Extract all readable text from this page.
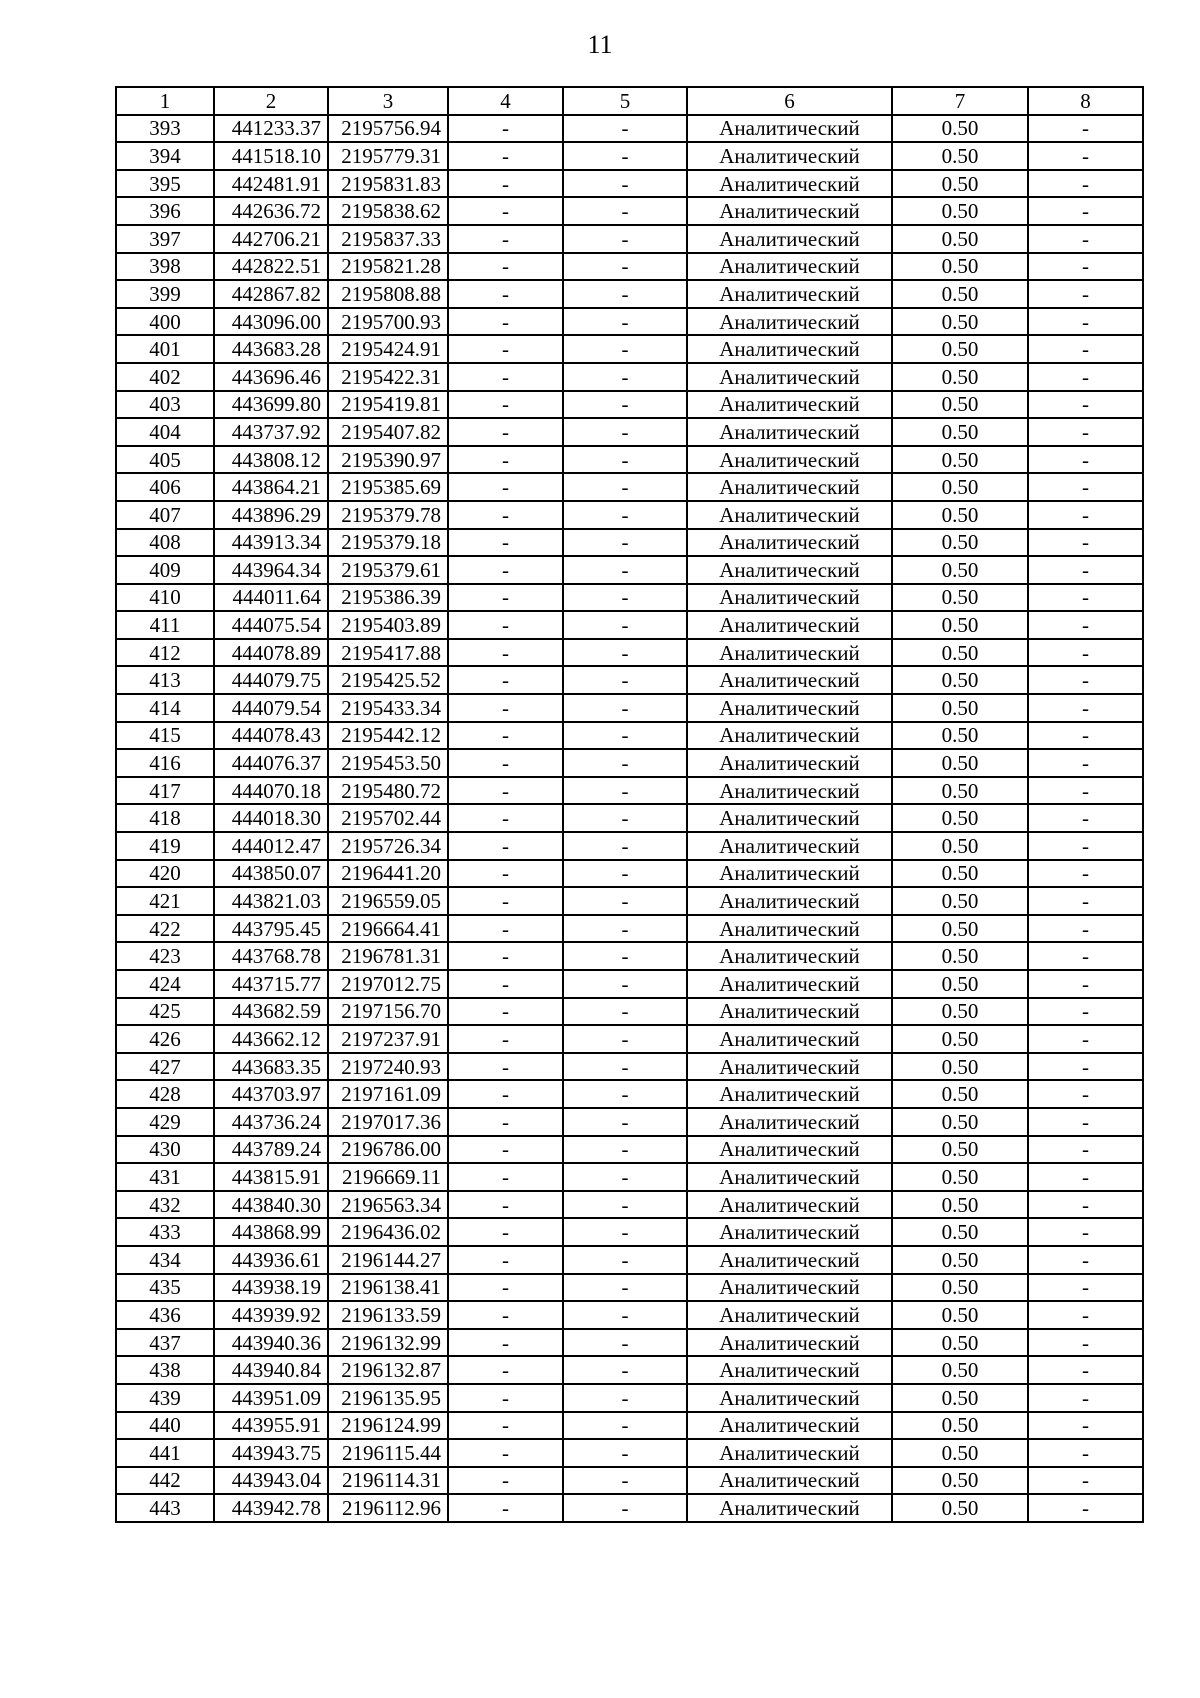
11
1	2	3	4	5	6	7	8
393	441233.37	2195756.94	-	-	Аналитический	0.50	-
394	441518.10	2195779.31	-	-	Аналитический	0.50	-
395	442481.91	2195831.83	-	-	Аналитический	0.50	-
396	442636.72	2195838.62	-	-	Аналитический	0.50	-
397	442706.21	2195837.33	-	-	Аналитический	0.50	-
398	442822.51	2195821.28	-	-	Аналитический	0.50	-
399	442867.82	2195808.88	-	-	Аналитический	0.50	-
400	443096.00	2195700.93	-	-	Аналитический	0.50	-
401	443683.28	2195424.91	-	-	Аналитический	0.50	-
402	443696.46	2195422.31	-	-	Аналитический	0.50	-
403	443699.80	2195419.81	-	-	Аналитический	0.50	-
404	443737.92	2195407.82	-	-	Аналитический	0.50	-
405	443808.12	2195390.97	-	-	Аналитический	0.50	-
406	443864.21	2195385.69	-	-	Аналитический	0.50	-
407	443896.29	2195379.78	-	-	Аналитический	0.50	-
408	443913.34	2195379.18	-	-	Аналитический	0.50	-
409	443964.34	2195379.61	-	-	Аналитический	0.50	-
410	444011.64	2195386.39	-	-	Аналитический	0.50	-
411	444075.54	2195403.89	-	-	Аналитический	0.50	-
412	444078.89	2195417.88	-	-	Аналитический	0.50	-
413	444079.75	2195425.52	-	-	Аналитический	0.50	-
414	444079.54	2195433.34	-	-	Аналитический	0.50	-
415	444078.43	2195442.12	-	-	Аналитический	0.50	-
416	444076.37	2195453.50	-	-	Аналитический	0.50	-
417	444070.18	2195480.72	-	-	Аналитический	0.50	-
418	444018.30	2195702.44	-	-	Аналитический	0.50	-
419	444012.47	2195726.34	-	-	Аналитический	0.50	-
420	443850.07	2196441.20	-	-	Аналитический	0.50	-
421	443821.03	2196559.05	-	-	Аналитический	0.50	-
422	443795.45	2196664.41	-	-	Аналитический	0.50	-
423	443768.78	2196781.31	-	-	Аналитический	0.50	-
424	443715.77	2197012.75	-	-	Аналитический	0.50	-
425	443682.59	2197156.70	-	-	Аналитический	0.50	-
426	443662.12	2197237.91	-	-	Аналитический	0.50	-
427	443683.35	2197240.93	-	-	Аналитический	0.50	-
428	443703.97	2197161.09	-	-	Аналитический	0.50	-
429	443736.24	2197017.36	-	-	Аналитический	0.50	-
430	443789.24	2196786.00	-	-	Аналитический	0.50	-
431	443815.91	2196669.11	-	-	Аналитический	0.50	-
432	443840.30	2196563.34	-	-	Аналитический	0.50	-
433	443868.99	2196436.02	-	-	Аналитический	0.50	-
434	443936.61	2196144.27	-	-	Аналитический	0.50	-
435	443938.19	2196138.41	-	-	Аналитический	0.50	-
436	443939.92	2196133.59	-	-	Аналитический	0.50	-
437	443940.36	2196132.99	-	-	Аналитический	0.50	-
438	443940.84	2196132.87	-	-	Аналитический	0.50	-
439	443951.09	2196135.95	-	-	Аналитический	0.50	-
440	443955.91	2196124.99	-	-	Аналитический	0.50	-
441	443943.75	2196115.44	-	-	Аналитический	0.50	-
442	443943.04	2196114.31	-	-	Аналитический	0.50	-
443	443942.78	2196112.96	-	-	Аналитический	0.50	-
